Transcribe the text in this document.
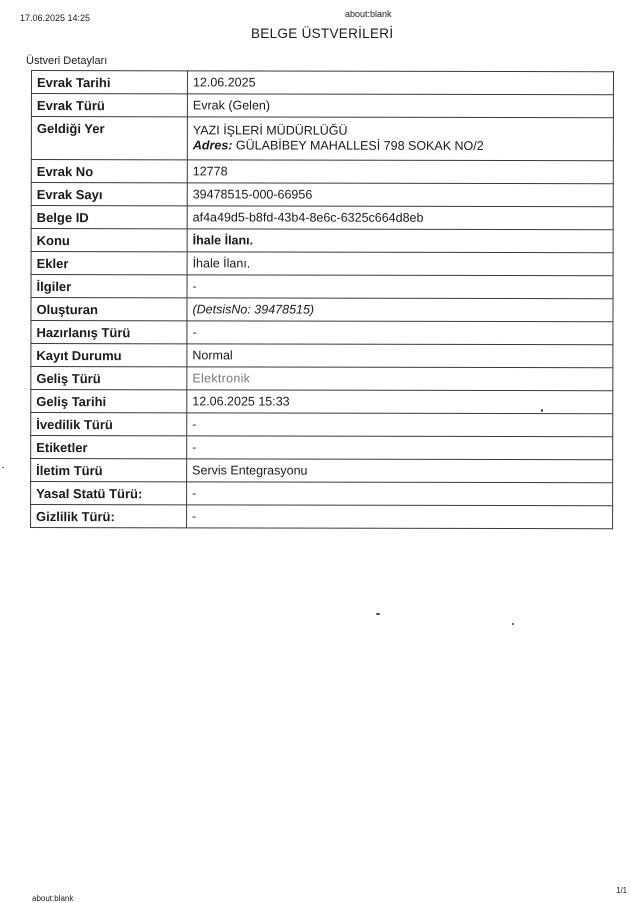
17.06.2025 14:25	about:blank
BELGE ÜSTVERİLERİ
Üstveri Detayları
Evrak Tarihi	12.06.2025
Evrak Türü	Evrak (Gelen)
Geldiği Yer	YAZI İŞLERİ MÜDÜRLÜĞÜ
Adres: GÜLABİBEY MAHALLESİ 798 SOKAK NO/2

Evrak No	12778
Evrak Sayı	39478515-000-66956
Belge ID	af4a49d5-b8fd-43b4-8e6c-6325c664d8eb
Konu	İhale İlanı.
Ekler	İhale İlanı.
İlgiler	-
Oluşturan	(DetsisNo: 39478515)
Hazırlanış Türü	-
Kayıt Durumu	Normal
Geliş Türü	Elektronik
Geliş Tarihi	12.06.2025 15:33
İvedilik Türü	-
Etiketler	-
İletim Türü	Servis Entegrasyonu
Yasal Statü Türü:	-
Gizlilik Türü:	-
about:blank
1/1
